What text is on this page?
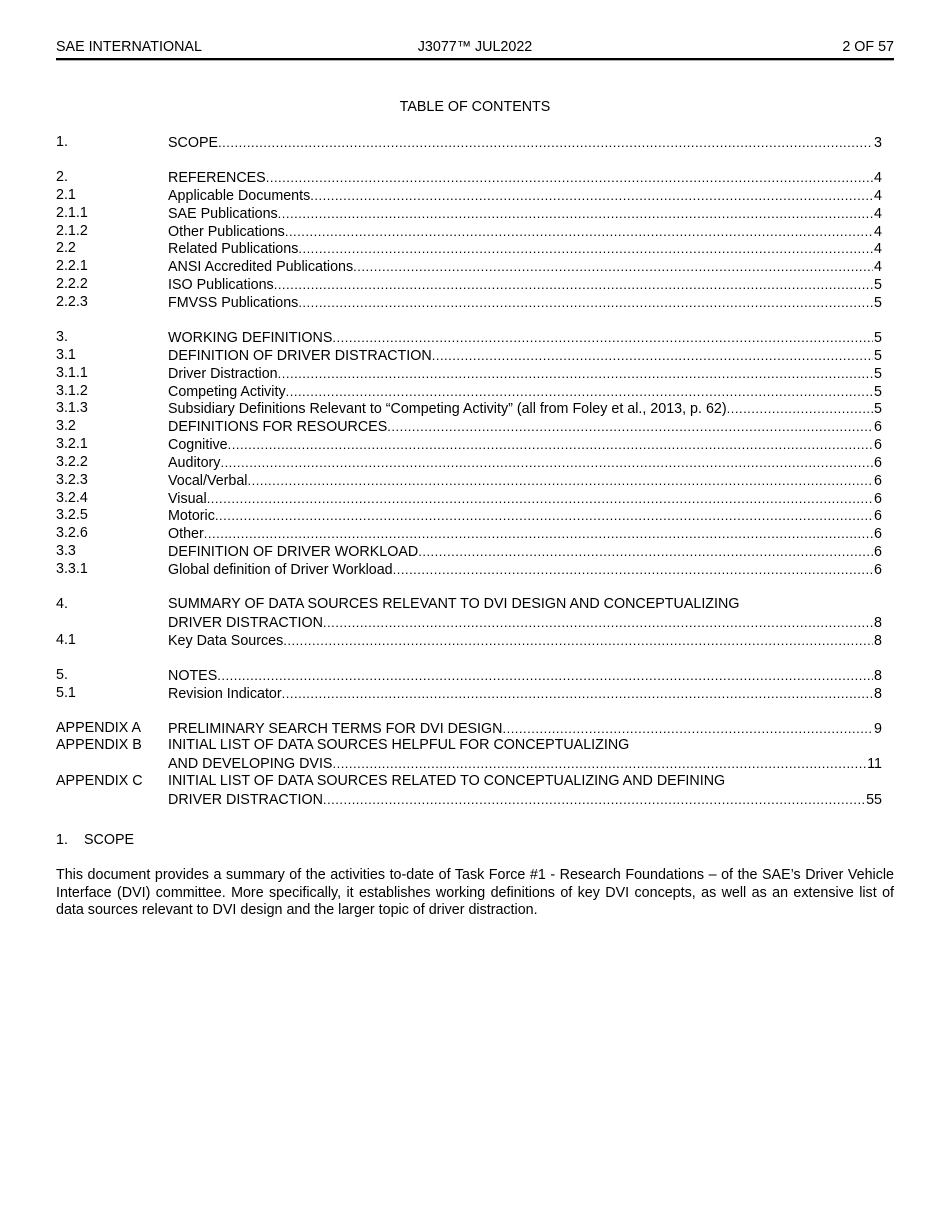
SAE INTERNATIONAL	J3077™ JUL2022	2 OF 57
TABLE OF CONTENTS
1.	SCOPE .....	3
2.	REFERENCES .....	4
2.1	Applicable Documents .....	4
2.1.1	SAE Publications .....	4
2.1.2	Other Publications .....	4
2.2	Related Publications .....	4
2.2.1	ANSI Accredited Publications .....	4
2.2.2	ISO Publications .....	5
2.2.3	FMVSS Publications .....	5
3.	WORKING DEFINITIONS .....	5
3.1	DEFINITION OF DRIVER DISTRACTION .....	5
3.1.1	Driver Distraction .....	5
3.1.2	Competing Activity .....	5
3.1.3	Subsidiary Definitions Relevant to “Competing Activity” (all from Foley et al., 2013, p. 62) .....	5
3.2	DEFINITIONS FOR RESOURCES .....	6
3.2.1	Cognitive .....	6
3.2.2	Auditory .....	6
3.2.3	Vocal/Verbal .....	6
3.2.4	Visual .....	6
3.2.5	Motoric .....	6
3.2.6	Other .....	6
3.3	DEFINITION OF DRIVER WORKLOAD .....	6
3.3.1	Global definition of Driver Workload .....	6
4.	SUMMARY OF DATA SOURCES RELEVANT TO DVI DESIGN AND CONCEPTUALIZING
DRIVER DISTRACTION .....	8
4.1	Key Data Sources .....	8
5.	NOTES .....	8
5.1	Revision Indicator .....	8
APPENDIX A PRELIMINARY SEARCH TERMS FOR DVI DESIGN .....	9
APPENDIX B INITIAL LIST OF DATA SOURCES HELPFUL FOR CONCEPTUALIZING
AND DEVELOPING DVIS .....	11
APPENDIX C INITIAL LIST OF DATA SOURCES RELATED TO CONCEPTUALIZING AND DEFINING
DRIVER DISTRACTION .....	55
1. SCOPE
This document provides a summary of the activities to-date of Task Force #1 - Research Foundations – of the SAE’s Driver Vehicle Interface (DVI) committee. More specifically, it establishes working definitions of key DVI concepts, as well as an extensive list of data sources relevant to DVI design and the larger topic of driver distraction.
